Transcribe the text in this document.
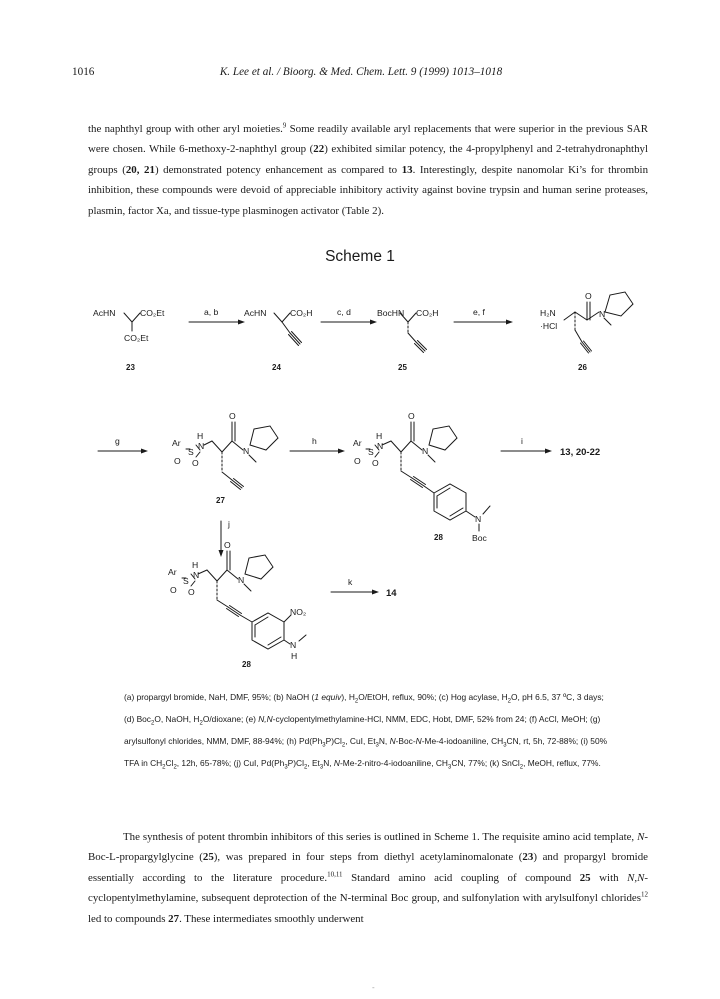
1016	K. Lee et al. / Bioorg. & Med. Chem. Lett. 9 (1999) 1013–1018

the naphthyl group with other aryl moieties.$^9$ Some readily available aryl replacements that were superior in the previous SAR were chosen. While 6-methoxy-2-naphthyl group (22) exhibited similar potency, the 4-propylphenyl and 2-tetrahydronaphthyl groups (20, 21) demonstrated potency enhancement as compared to 13. Interestingly, despite nanomolar Ki’s for thrombin inhibition, these compounds were devoid of appreciable inhibitory activity against bovine trypsin and human serine proteases, plasmin, factor Xa, and tissue-type plasminogen activator (Table 2).

Scheme 1
AcHN	CO₂Et
CO₂Et
AcHN	CO₂H	BocHN CO₂H	H₂N
·HCl
O
N
H
O
Ar N
S	N
O O
H
O
Ar N
S	N
O O
N
Boc
H
O
Ar N
S	N
O O
NO₂
N
H
a, b	c, d	e, f
g	h	i
j
k
23	24	25	26
27
28
28
13, 20-22
14

(a) propargyl bromide, NaH, DMF, 95%; (b) NaOH (1 equiv), $H_2O$/EtOH, reflux, 90%; (c) Hog acylase, $H_2O$, pH 6.5, 37 ºC, 3 days; (d) Boc$_2$O, NaOH, $H_2O$/dioxane; (e) N,N-cyclopentylmethylamine-HCl, NMM, EDC, Hobt, DMF, 52% from 24; (f) AcCl, MeOH; (g) arylsulfonyl chlorides, NMM, DMF, 88-94%; (h) $Pd(Ph_3P)Cl_2$, CuI, $Et_3N$, N-Boc-N-Me-4-iodoaniline, $CH_3CN$, rt, 5h, 72-88%; (i) 50% TFA in $CH_2Cl_2$, 12h, 65-78%; (j) CuI, $Pd(Ph_3P)Cl_2$, $Et_3N$, N-Me-2-nitro-4-iodoaniline, $CH_3CN$, 77%; (k) SnCl$_2$, MeOH, reflux, 77%.

The synthesis of potent thrombin inhibitors of this series is outlined in Scheme 1. The requisite amino acid template, N-Boc-L-propargylglycine (25), was prepared in four steps from diethyl acetylaminomalonate (23) and propargyl bromide essentially according to the literature procedure.$^{10,11}$ Standard amino acid coupling of compound 25 with N,N-cyclopentylmethylamine, subsequent deprotection of the N-terminal Boc group, and sulfonylation with arylsulfonyl chlorides$^{12}$ led to compounds 27. These intermediates smoothly underwent

-
